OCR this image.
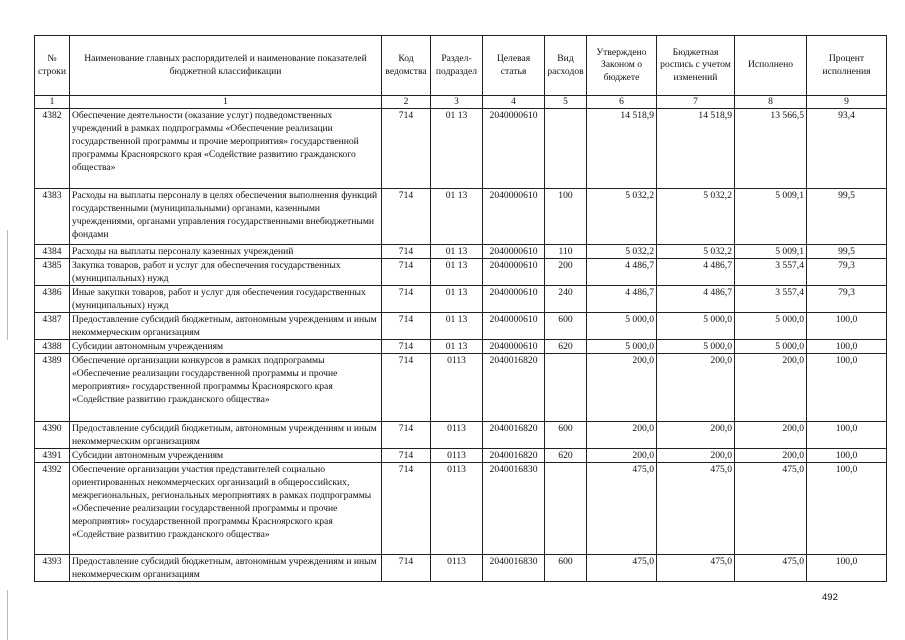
№ строки	Наименование главных распорядителей и наименование показателей бюджетной классификации	Код ведомства	Раздел-подраздел	Целевая статья	Вид расходов	Утверждено Законом о бюджете	Бюджетная роспись с учетом изменений	Исполнено	Процент исполнения
1	1	2	3	4	5	6	7	8	9
4382	Обеспечение деятельности (оказание услуг) подведомственных учреждений в рамках подпрограммы «Обеспечение реализации государственной программы и прочие мероприятия» государственной программы Красноярского края «Содействие развитию гражданского общества»	714	01 13	2040000610		14 518,9	14 518,9	13 566,5	93,4
4383	Расходы на выплаты персоналу в целях обеспечения выполнения функций государственными (муниципальными) органами, казенными учреждениями, органами управления государственными внебюджетными фондами	714	01 13	2040000610	100	5 032,2	5 032,2	5 009,1	99,5
4384	Расходы на выплаты персоналу казенных учреждений	714	01 13	2040000610	110	5 032,2	5 032,2	5 009,1	99,5
4385	Закупка товаров, работ и услуг для обеспечения государственных (муниципальных) нужд	714	01 13	2040000610	200	4 486,7	4 486,7	3 557,4	79,3
4386	Иные закупки товаров, работ и услуг для обеспечения государственных (муниципальных) нужд	714	01 13	2040000610	240	4 486,7	4 486,7	3 557,4	79,3
4387	Предоставление субсидий бюджетным, автономным учреждениям и иным некоммерческим организациям	714	01 13	2040000610	600	5 000,0	5 000,0	5 000,0	100,0
4388	Субсидии автономным учреждениям	714	01 13	2040000610	620	5 000,0	5 000,0	5 000,0	100,0
4389	Обеспечение организации конкурсов в рамках подпрограммы «Обеспечение реализации государственной программы и прочие мероприятия» государственной программы Красноярского края «Содействие развитию гражданского общества»	714	0113	2040016820		200,0	200,0	200,0	100,0
4390	Предоставление субсидий бюджетным, автономным учреждениям и иным некоммерческим организациям	714	0113	2040016820	600	200,0	200,0	200,0	100,0
4391	Субсидии автономным учреждениям	714	0113	2040016820	620	200,0	200,0	200,0	100,0
4392	Обеспечение организации участия представителей социально ориентированных некоммерческих организаций в общероссийских, межрегиональных, региональных мероприятиях в рамках подпрограммы «Обеспечение реализации государственной программы и прочие мероприятия» государственной программы Красноярского края «Содействие развитию гражданского общества»	714	0113	2040016830		475,0	475,0	475,0	100,0
4393	Предоставление субсидий бюджетным, автономным учреждениям и иным некоммерческим организациям	714	0113	2040016830	600	475,0	475,0	475,0	100,0
492
